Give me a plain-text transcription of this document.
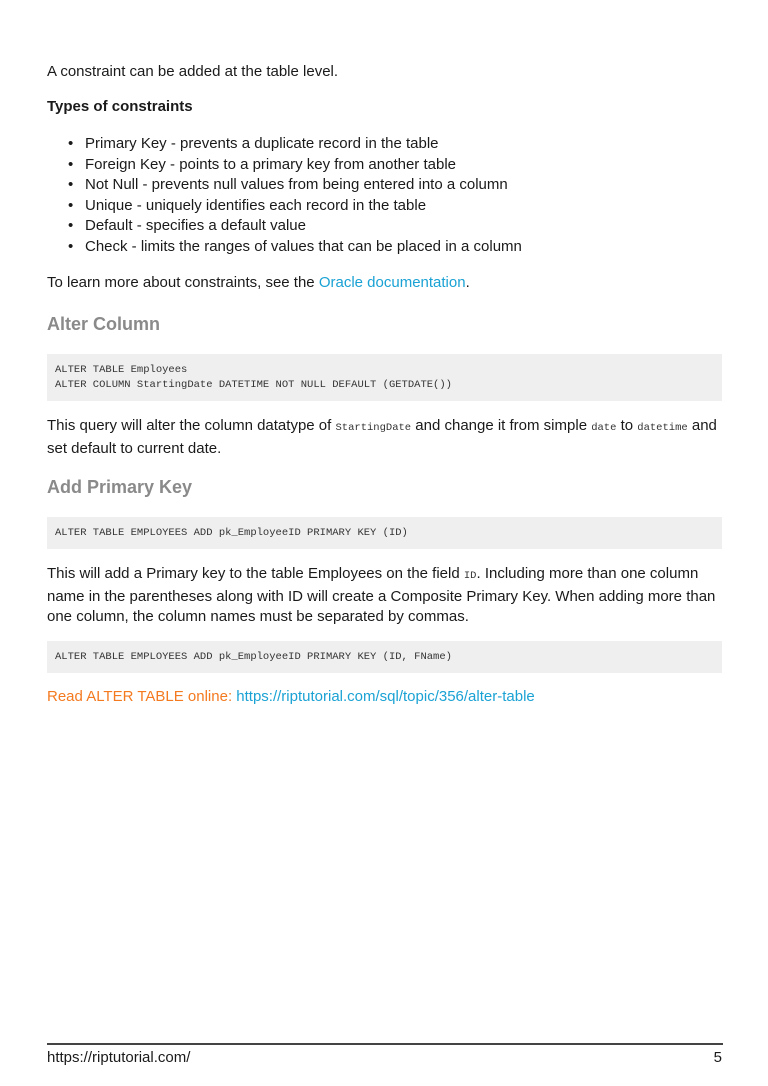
A constraint can be added at the table level.

Types of constraints
• Primary Key - prevents a duplicate record in the table
• Foreign Key - points to a primary key from another table
• Not Null - prevents null values from being entered into a column
• Unique - uniquely identifies each record in the table
• Default - specifies a default value
• Check - limits the ranges of values that can be placed in a column

To learn more about constraints, see the Oracle documentation.

Alter Column
ALTER TABLE Employees
ALTER COLUMN StartingDate DATETIME NOT NULL DEFAULT (GETDATE())

This query will alter the column datatype of StartingDate and change it from simple date to datetime and set default to current date.

Add Primary Key
ALTER TABLE EMPLOYEES ADD pk_EmployeeID PRIMARY KEY (ID)

This will add a Primary key to the table Employees on the field ID. Including more than one column name in the parentheses along with ID will create a Composite Primary Key. When adding more than one column, the column names must be separated by commas.

ALTER TABLE EMPLOYEES ADD pk_EmployeeID PRIMARY KEY (ID, FName)

Read ALTER TABLE online: https://riptutorial.com/sql/topic/356/alter-table

https://riptutorial.com/	5
